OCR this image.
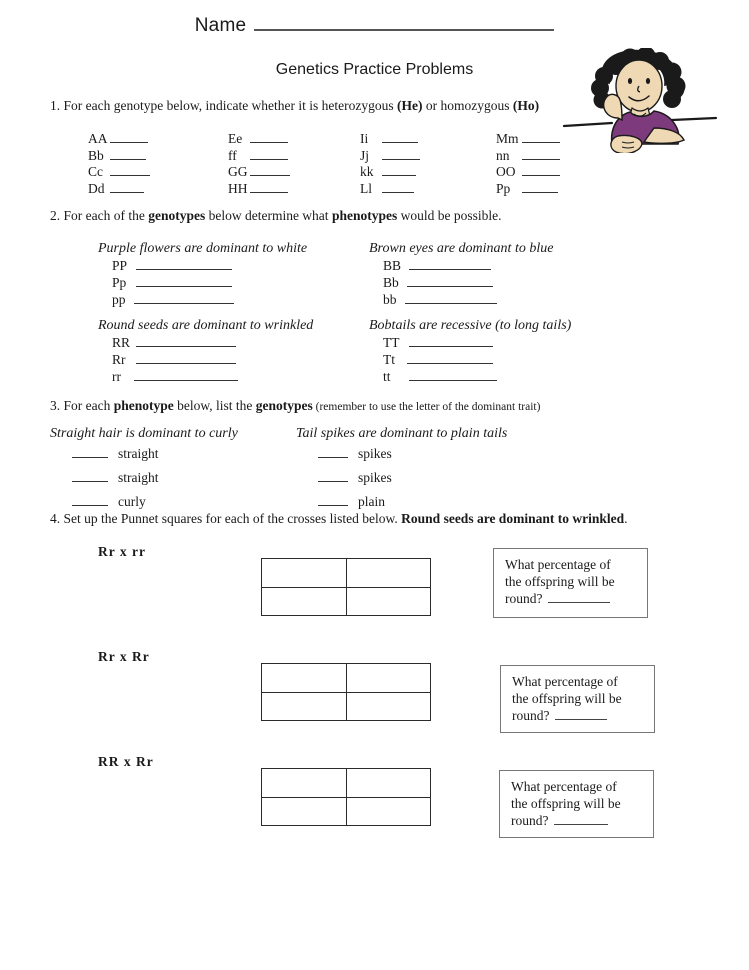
Name
Genetics Practice Problems
1. For each genotype below, indicate whether it is heterozygous (He) or homozygous (Ho)
AA
Bb
Cc
Dd
Ee
ff
GG
HH
Ii
Jj
kk
Ll
Mm
nn
OO
Pp
2. For each of the genotypes below determine what phenotypes would be possible.
Purple flowers are dominant to white
PP
Pp
pp
Brown eyes are dominant to blue
BB
Bb
bb
Round seeds are dominant to wrinkled
RR
Rr
rr
Bobtails are recessive (to long tails)
TT
Tt
tt
3. For each phenotype below, list the genotypes (remember to use the letter of the dominant trait)
Straight hair is dominant to curly
straight
straight
curly
Tail spikes are dominant to plain tails
spikes
spikes
plain
4. Set up the Punnet squares for each of the crosses listed below. Round seeds are dominant to wrinkled.
Rr x rr
What percentage of
the offspring will be
round?
Rr x Rr
What percentage of
the offspring will be
round?
RR x Rr
What percentage of
the offspring will be
round?
